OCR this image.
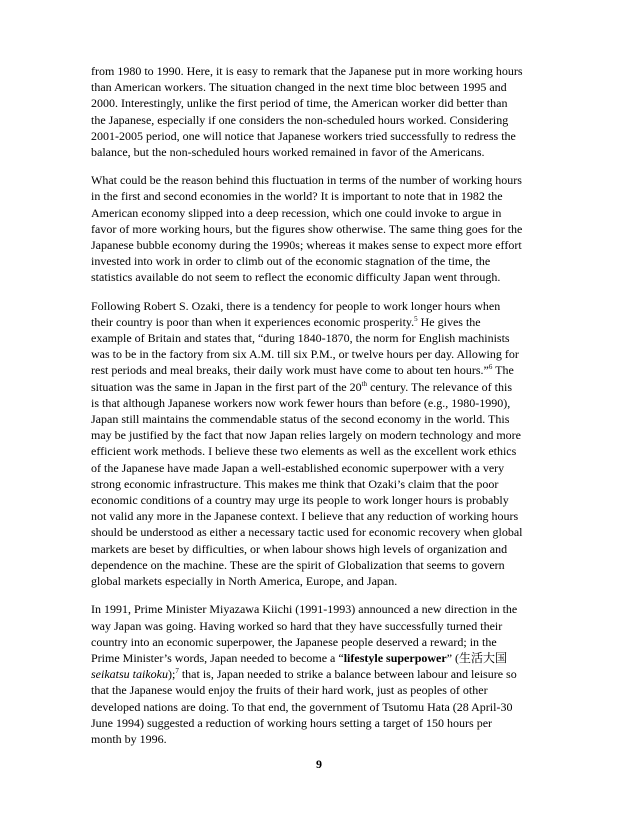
from 1980 to 1990. Here, it is easy to remark that the Japanese put in more working hours
than American workers. The situation changed in the next time bloc between 1995 and
2000. Interestingly, unlike the first period of time, the American worker did better than
the Japanese, especially if one considers the non-scheduled hours worked. Considering
2001-2005 period, one will notice that Japanese workers tried successfully to redress the
balance, but the non-scheduled hours worked remained in favor of the Americans.

What could be the reason behind this fluctuation in terms of the number of working hours
in the first and second economies in the world? It is important to note that in 1982 the
American economy slipped into a deep recession, which one could invoke to argue in
favor of more working hours, but the figures show otherwise. The same thing goes for the
Japanese bubble economy during the 1990s; whereas it makes sense to expect more effort
invested into work in order to climb out of the economic stagnation of the time, the
statistics available do not seem to reflect the economic difficulty Japan went through.

Following Robert S. Ozaki, there is a tendency for people to work longer hours when
their country is poor than when it experiences economic prosperity.$^5$ He gives the
example of Britain and states that, “during 1840-1870, the norm for English machinists
was to be in the factory from six A.M. till six P.M., or twelve hours per day. Allowing for
rest periods and meal breaks, their daily work must have come to about ten hours.”$^6$ The
situation was the same in Japan in the first part of the 20th century. The relevance of this
is that although Japanese workers now work fewer hours than before (e.g., 1980-1990),
Japan still maintains the commendable status of the second economy in the world. This
may be justified by the fact that now Japan relies largely on modern technology and more
efficient work methods. I believe these two elements as well as the excellent work ethics
of the Japanese have made Japan a well-established economic superpower with a very
strong economic infrastructure. This makes me think that Ozaki’s claim that the poor
economic conditions of a country may urge its people to work longer hours is probably
not valid any more in the Japanese context. I believe that any reduction of working hours
should be understood as either a necessary tactic used for economic recovery when global
markets are beset by difficulties, or when labour shows high levels of organization and
dependence on the machine. These are the spirit of Globalization that seems to govern
global markets especially in North America, Europe, and Japan.

In 1991, Prime Minister Miyazawa Kiichi (1991-1993) announced a new direction in the
way Japan was going. Having worked so hard that they have successfully turned their
country into an economic superpower, the Japanese people deserved a reward; in the
Prime Minister’s words, Japan needed to become a “lifestyle superpower” (生活大国
seikatsu taikoku);$^7$ that is, Japan needed to strike a balance between labour and leisure so
that the Japanese would enjoy the fruits of their hard work, just as peoples of other
developed nations are doing. To that end, the government of Tsutomu Hata (28 April-30
June 1994) suggested a reduction of working hours setting a target of 150 hours per
month by 1996.

9
